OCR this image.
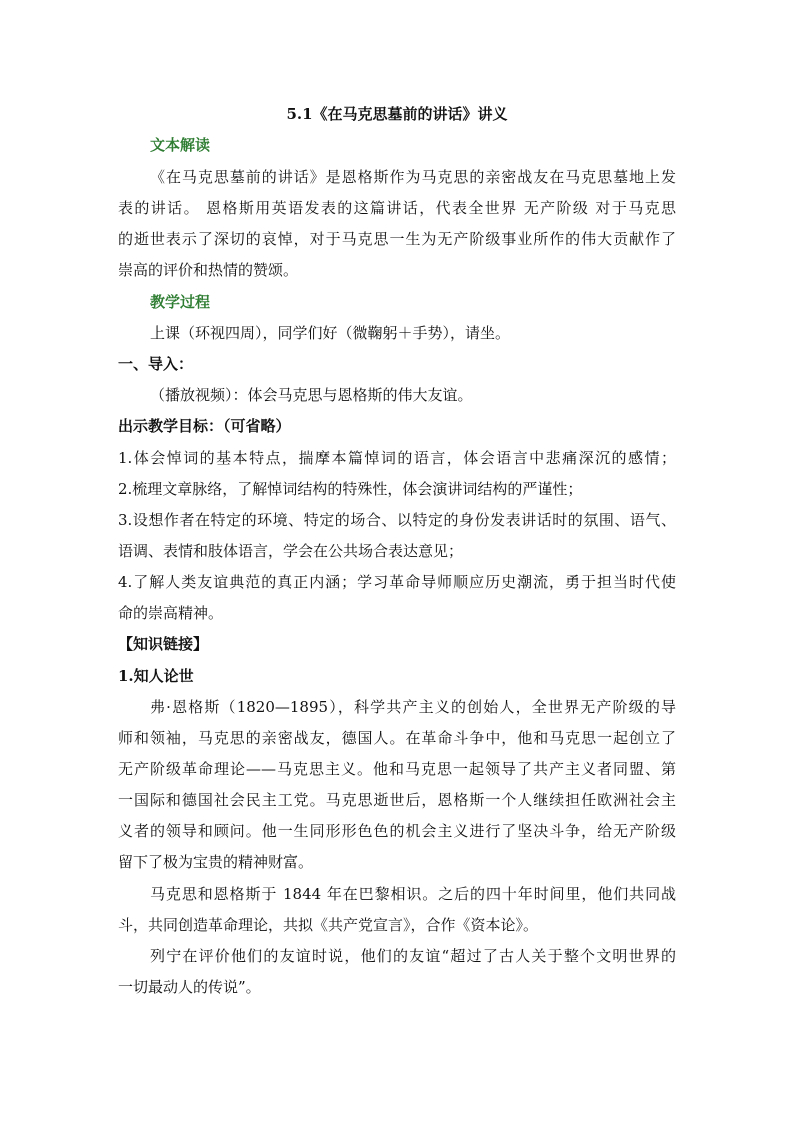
5.1《在马克思墓前的讲话》讲义
文本解读
《在马克思墓前的讲话》是恩格斯作为马克思的亲密战友在马克思墓地上发
表的讲话。 恩格斯用英语发表的这篇讲话，代表全世界 无产阶级 对于马克思
的逝世表示了深切的哀悼，对于马克思一生为无产阶级事业所作的伟大贡献作了
崇高的评价和热情的赞颂。
教学过程
上课（环视四周），同学们好（微鞠躬＋手势），请坐。
一、导入：
（播放视频）：体会马克思与恩格斯的伟大友谊。
出示教学目标：（可省略）
1.体会悼词的基本特点，揣摩本篇悼词的语言，体会语言中悲痛深沉的感情；
2.梳理文章脉络，了解悼词结构的特殊性，体会演讲词结构的严谨性；
3.设想作者在特定的环境、特定的场合、以特定的身份发表讲话时的氛围、语气、
语调、表情和肢体语言，学会在公共场合表达意见；
4.了解人类友谊典范的真正内涵；学习革命导师顺应历史潮流，勇于担当时代使
命的崇高精神。
【知识链接】
1.知人论世
弗·恩格斯（1820—1895），科学共产主义的创始人，全世界无产阶级的导
师和领袖，马克思的亲密战友，德国人。在革命斗争中，他和马克思一起创立了
无产阶级革命理论——马克思主义。他和马克思一起领导了共产主义者同盟、第
一国际和德国社会民主工党。马克思逝世后，恩格斯一个人继续担任欧洲社会主
义者的领导和顾问。他一生同形形色色的机会主义进行了坚决斗争，给无产阶级
留下了极为宝贵的精神财富。
马克思和恩格斯于 1844 年在巴黎相识。之后的四十年时间里，他们共同战
斗，共同创造革命理论，共拟《共产党宣言》，合作《资本论》。
列宁在评价他们的友谊时说，他们的友谊“超过了古人关于整个文明世界的
一切最动人的传说”。
